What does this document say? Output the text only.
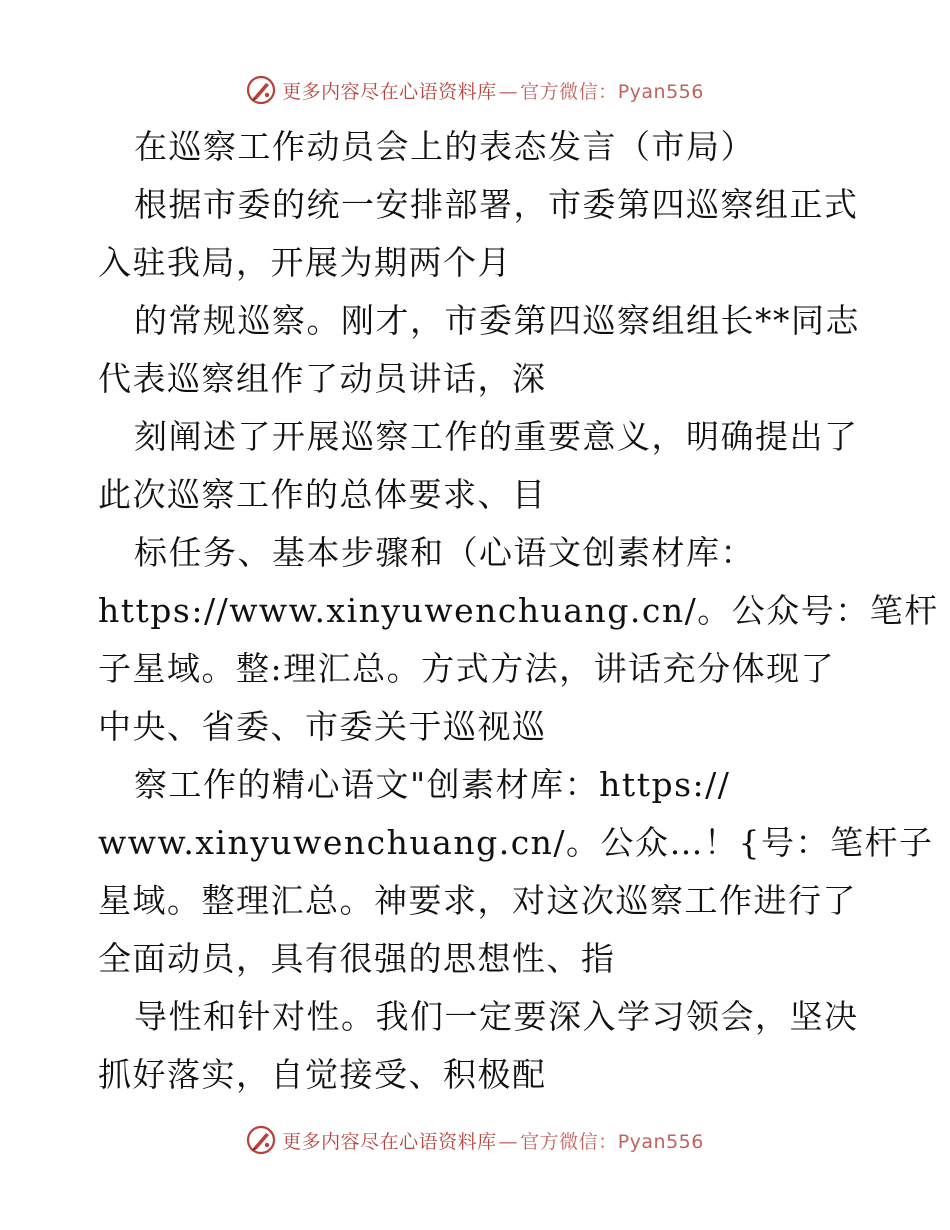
更多内容尽在心语资料库 — 官方微信：Pyan556
在巡察工作动员会上的表态发言（市局）
根据市委的统一安排部署，市委第四巡察组正式
入驻我局，开展为期两个月
的常规巡察。刚才，市委第四巡察组组长**同志
代表巡察组作了动员讲话，深
刻阐述了开展巡察工作的重要意义，明确提出了
此次巡察工作的总体要求、目
标任务、基本步骤和（心语文创素材库：
https://www.xinyuwenchuang.cn/。公众号：笔杆
子星域。整:理汇总。方式方法，讲话充分体现了
中央、省委、市委关于巡视巡
察工作的精心语文"创素材库：https://
www.xinyuwenchuang.cn/。公众…！{号：笔杆子
星域。整理汇总。神要求，对这次巡察工作进行了
全面动员，具有很强的思想性、指
导性和针对性。我们一定要深入学习领会，坚决
抓好落实，自觉接受、积极配
更多内容尽在心语资料库 — 官方微信：Pyan556
